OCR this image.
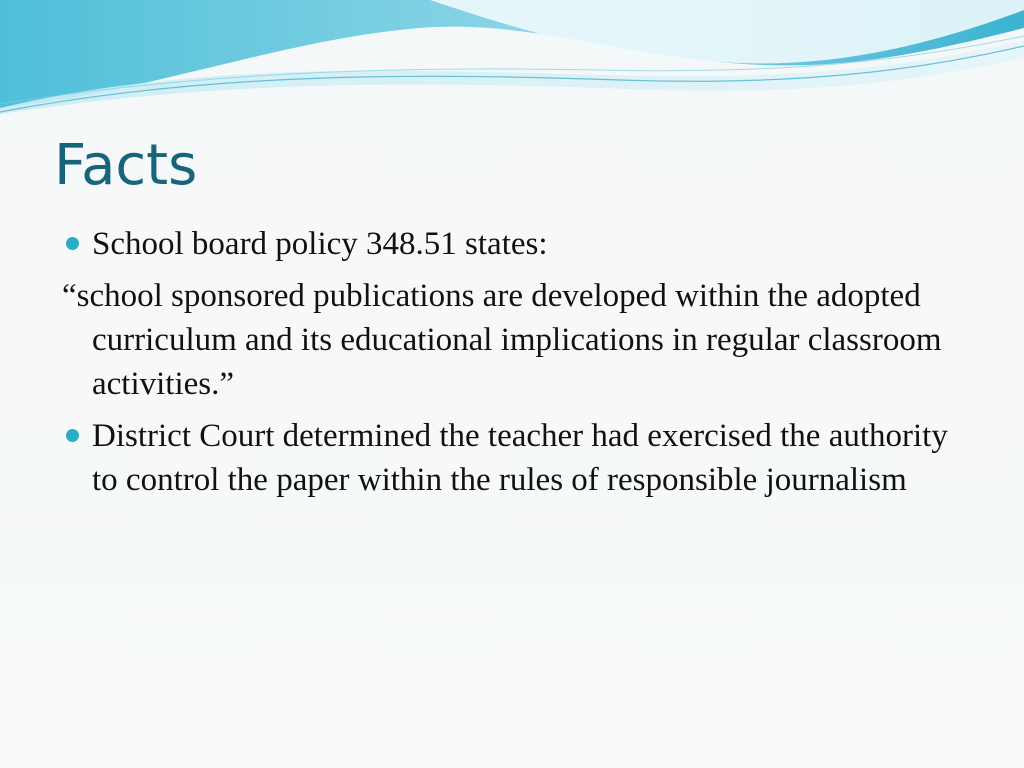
Facts

School board policy 348.51 states:

“school sponsored publications are developed within the adopted curriculum and its educational implications in regular classroom activities.”

District Court determined the teacher had exercised the authority to control the paper within the rules of responsible journalism
